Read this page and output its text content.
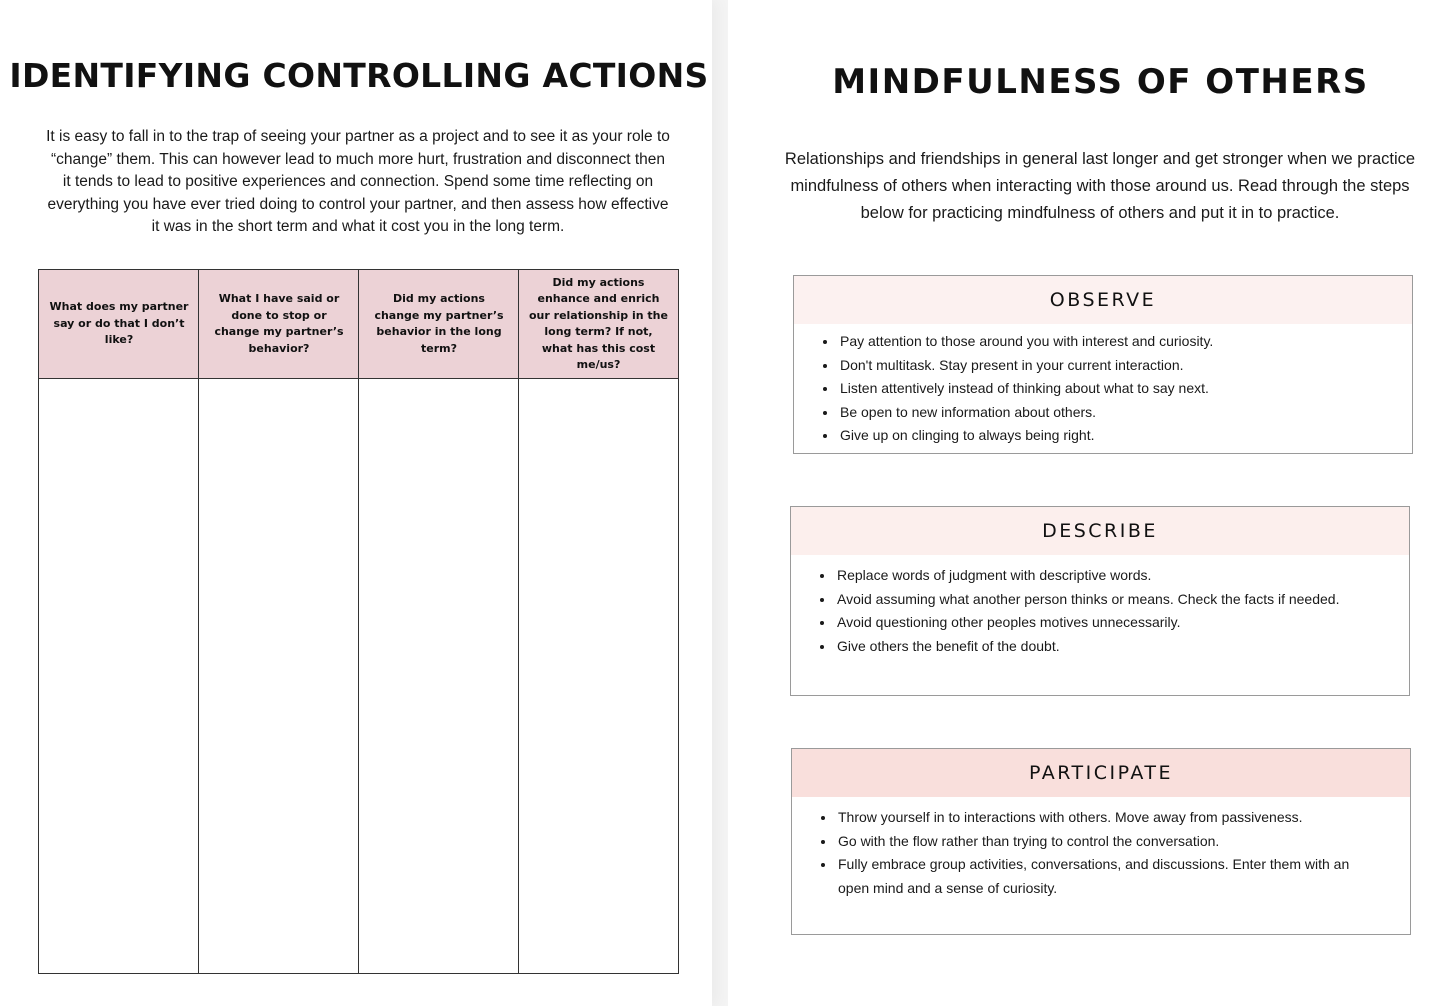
IDENTIFYING CONTROLLING ACTIONS
It is easy to fall in to the trap of seeing your partner as a project and to see it as your role to “change” them. This can however lead to much more hurt, frustration and disconnect then it tends to lead to positive experiences and connection. Spend some time reflecting on everything you have ever tried doing to control your partner, and then assess how effective it was in the short term and what it cost you in the long term.
What does my partner say or do that I don’t like?
What I have said or done to stop or change my partner’s behavior?
Did my actions change my partner’s behavior in the long term?
Did my actions enhance and enrich our relationship in the long term? If not, what has this cost me/us?
MINDFULNESS OF OTHERS
Relationships and friendships in general last longer and get stronger when we practice mindfulness of others when interacting with those around us. Read through the steps below for practicing mindfulness of others and put it in to practice.
OBSERVE
• Pay attention to those around you with interest and curiosity.
• Don't multitask. Stay present in your current interaction.
• Listen attentively instead of thinking about what to say next.
• Be open to new information about others.
• Give up on clinging to always being right.
DESCRIBE
• Replace words of judgment with descriptive words.
• Avoid assuming what another person thinks or means. Check the facts if needed.
• Avoid questioning other peoples motives unnecessarily.
• Give others the benefit of the doubt.
PARTICIPATE
• Throw yourself in to interactions with others. Move away from passiveness.
• Go with the flow rather than trying to control the conversation.
• Fully embrace group activities, conversations, and discussions. Enter them with an open mind and a sense of curiosity.
